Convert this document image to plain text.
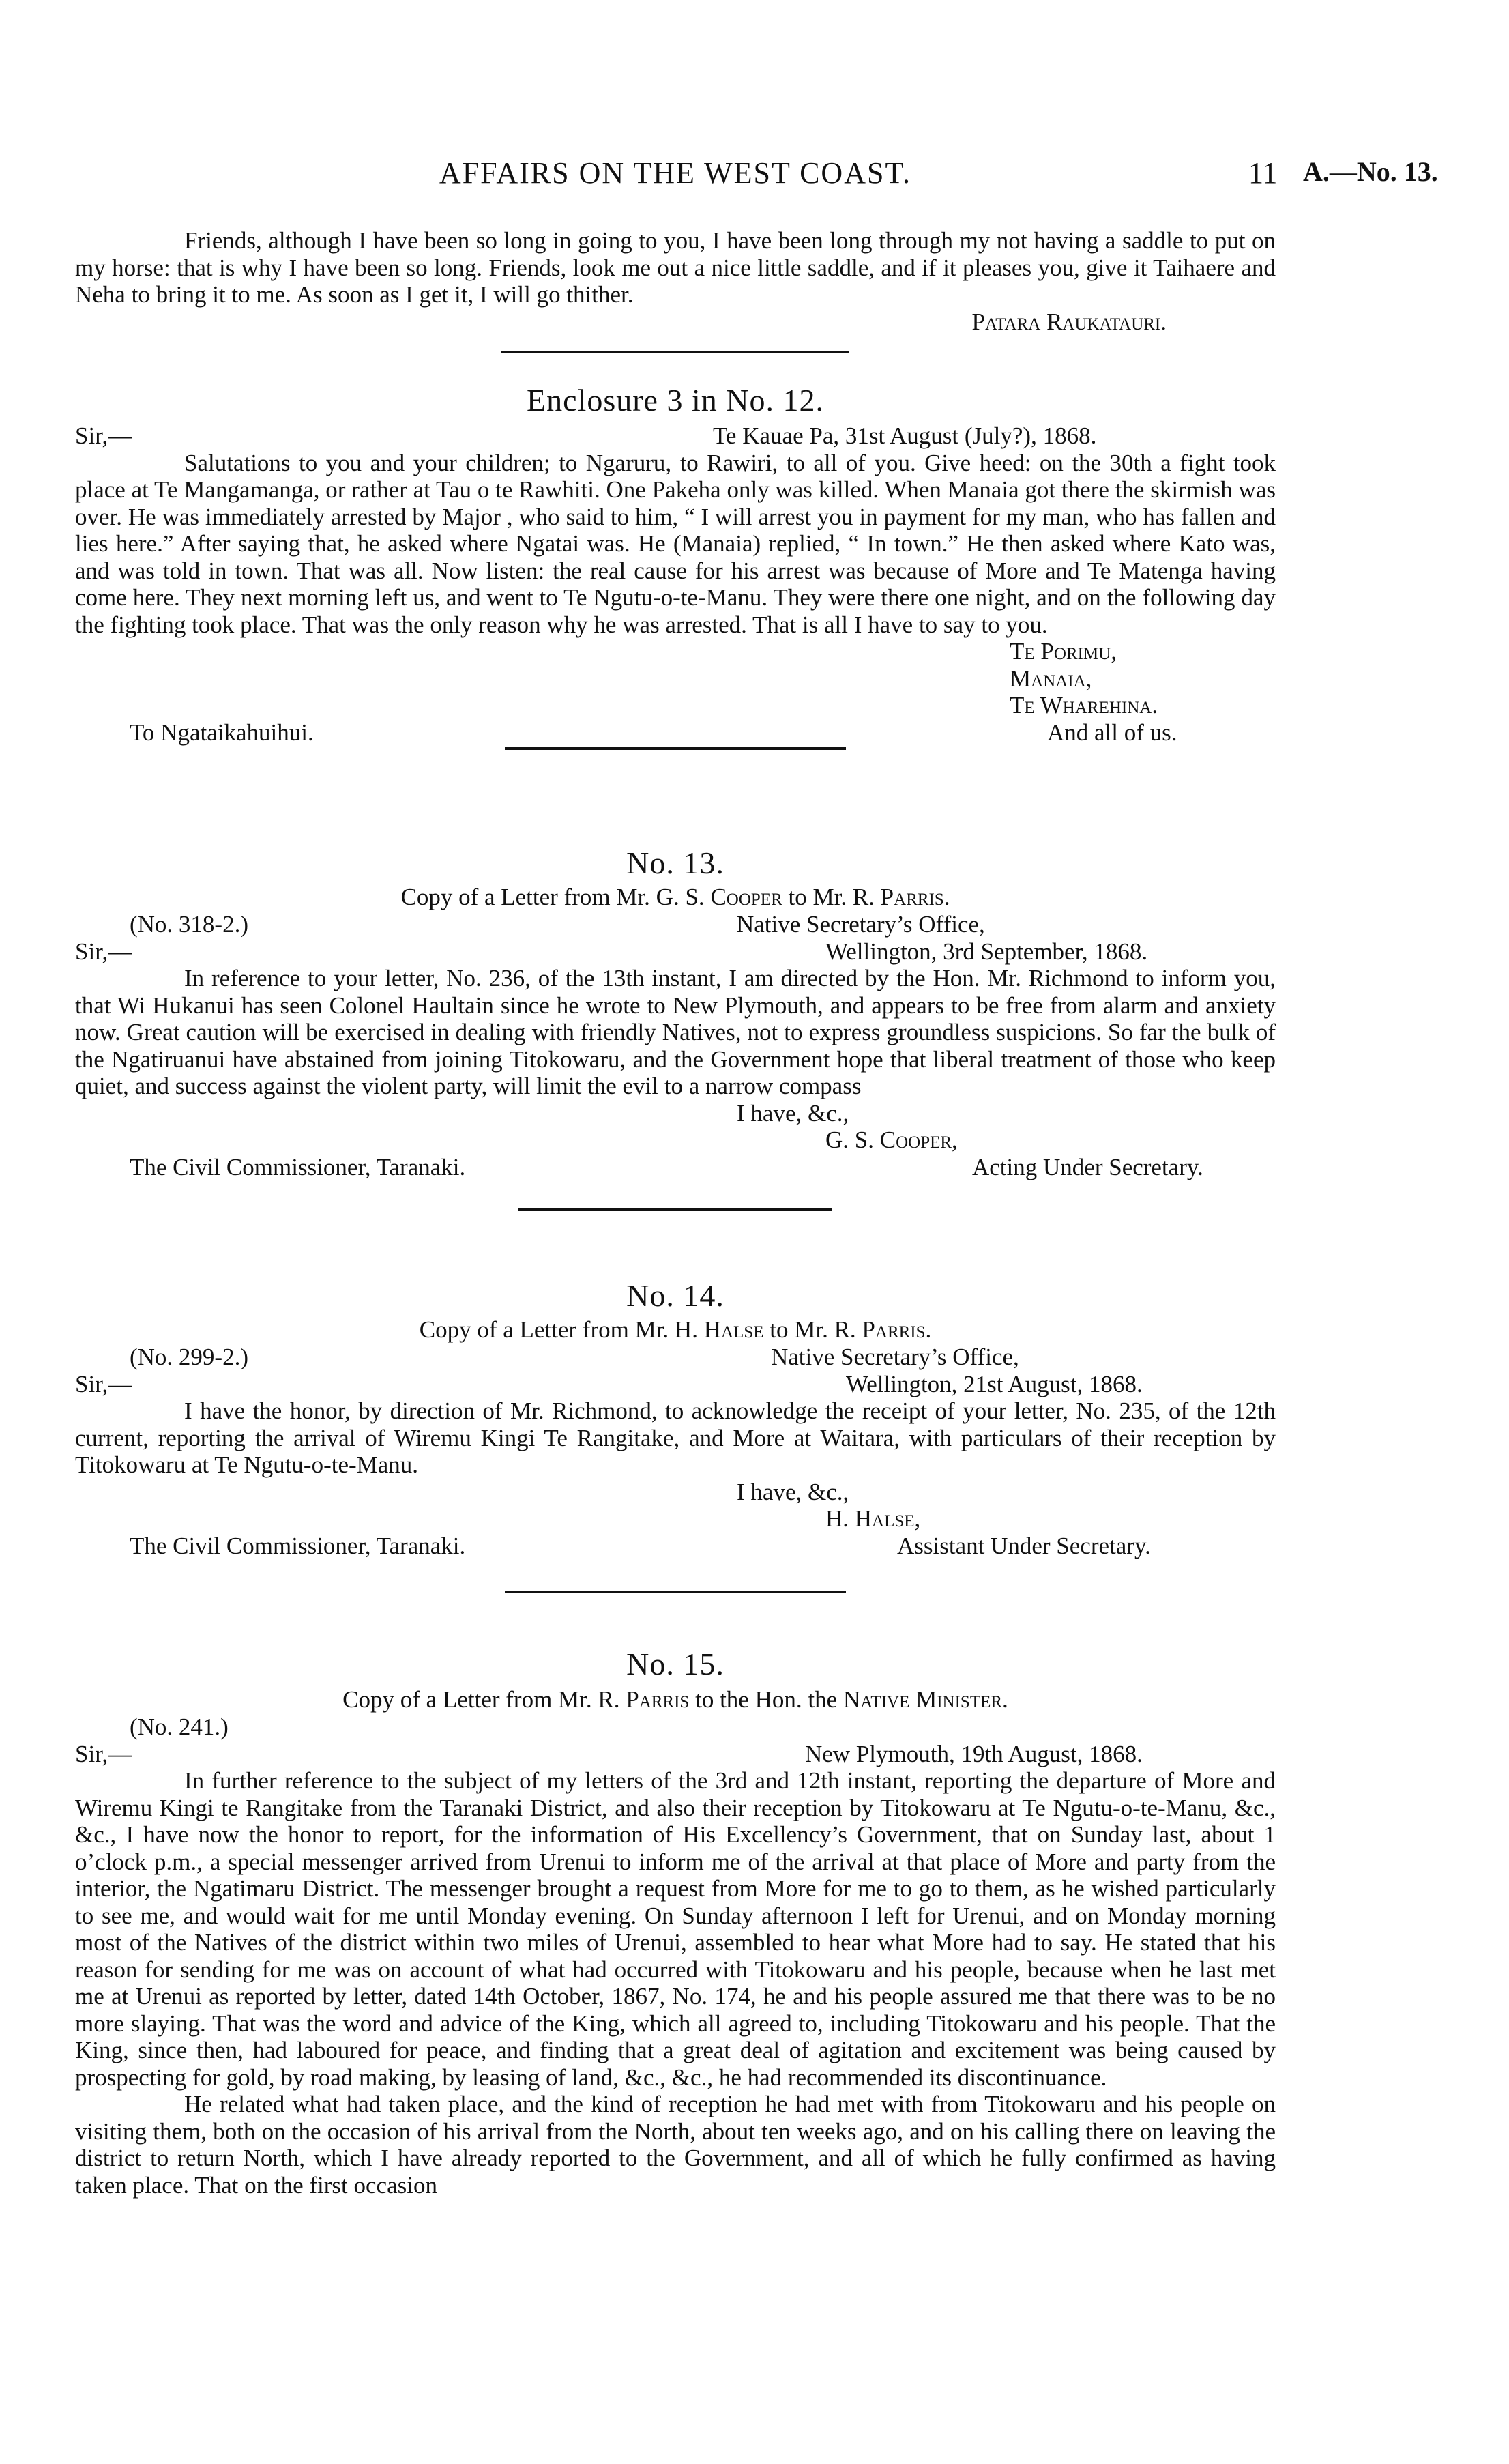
AFFAIRS ON THE WEST COAST.	11 A.—No. 13.

Friends, although I have been so long in going to you, I have been long through my not having a saddle to put on my horse: that is why I have been so long. Friends, look me out a nice little saddle, and if it pleases you, give it Taihaere and Neha to bring it to me. As soon as I get it, I will go thither.

Patara Raukatauri.

Enclosure 3 in No. 12.

Sir,—	Te Kauae Pa, 31st August (July?), 1868.

Salutations to you and your children; to Ngaruru, to Rawiri, to all of you. Give heed: on the 30th a fight took place at Te Mangamanga, or rather at Tau o te Rawhiti. One Pakeha only was killed. When Manaia got there the skirmish was over. He was immediately arrested by Major , who said to him, “ I will arrest you in payment for my man, who has fallen and lies here.” After saying that, he asked where Ngatai was. He (Manaia) replied, “ In town.” He then asked where Kato was, and was told in town. That was all. Now listen: the real cause for his arrest was because of More and Te Matenga having come here. They next morning left us, and went to Te Ngutu-o-te-Manu. They were there one night, and on the following day the fighting took place. That was the only reason why he was arrested. That is all I have to say to you.

Te Porimu,
Manaia,
Te Wharehina.
To Ngataikahuihui.	And all of us.

No. 13.

Copy of a Letter from Mr. G. S. Cooper to Mr. R. Parris.

(No. 318-2.)	Native Secretary’s Office,
Sir,—	Wellington, 3rd September, 1868.

In reference to your letter, No. 236, of the 13th instant, I am directed by the Hon. Mr. Richmond to inform you, that Wi Hukanui has seen Colonel Haultain since he wrote to New Plymouth, and appears to be free from alarm and anxiety now. Great caution will be exercised in dealing with friendly Natives, not to express groundless suspicions. So far the bulk of the Ngatiruanui have abstained from joining Titokowaru, and the Government hope that liberal treatment of those who keep quiet, and success against the violent party, will limit the evil to a narrow compass

I have, &c.,
G. S. Cooper,
The Civil Commissioner, Taranaki.	Acting Under Secretary.

No. 14.

Copy of a Letter from Mr. H. Halse to Mr. R. Parris.

(No. 299-2.)	Native Secretary’s Office,
Sir,—	Wellington, 21st August, 1868.

I have the honor, by direction of Mr. Richmond, to acknowledge the receipt of your letter, No. 235, of the 12th current, reporting the arrival of Wiremu Kingi Te Rangitake, and More at Waitara, with particulars of their reception by Titokowaru at Te Ngutu-o-te-Manu.

I have, &c.,
H. Halse,
The Civil Commissioner, Taranaki.	Assistant Under Secretary.

No. 15.

Copy of a Letter from Mr. R. Parris to the Hon. the Native Minister.

(No. 241.)
Sir,—	New Plymouth, 19th August, 1868.

In further reference to the subject of my letters of the 3rd and 12th instant, reporting the departure of More and Wiremu Kingi te Rangitake from the Taranaki District, and also their reception by Titokowaru at Te Ngutu-o-te-Manu, &c., &c., I have now the honor to report, for the information of His Excellency’s Government, that on Sunday last, about 1 o’clock p.m., a special messenger arrived from Urenui to inform me of the arrival at that place of More and party from the interior, the Ngatimaru District. The messenger brought a request from More for me to go to them, as he wished particularly to see me, and would wait for me until Monday evening. On Sunday afternoon I left for Urenui, and on Monday morning most of the Natives of the district within two miles of Urenui, assembled to hear what More had to say. He stated that his reason for sending for me was on account of what had occurred with Titokowaru and his people, because when he last met me at Urenui as reported by letter, dated 14th October, 1867, No. 174, he and his people assured me that there was to be no more slaying. That was the word and advice of the King, which all agreed to, including Titokowaru and his people. That the King, since then, had laboured for peace, and finding that a great deal of agitation and excitement was being caused by prospecting for gold, by road making, by leasing of land, &c., &c., he had recommended its discontinuance.

He related what had taken place, and the kind of reception he had met with from Titokowaru and his people on visiting them, both on the occasion of his arrival from the North, about ten weeks ago, and on his calling there on leaving the district to return North, which I have already reported to the Government, and all of which he fully confirmed as having taken place. That on the first occasion
